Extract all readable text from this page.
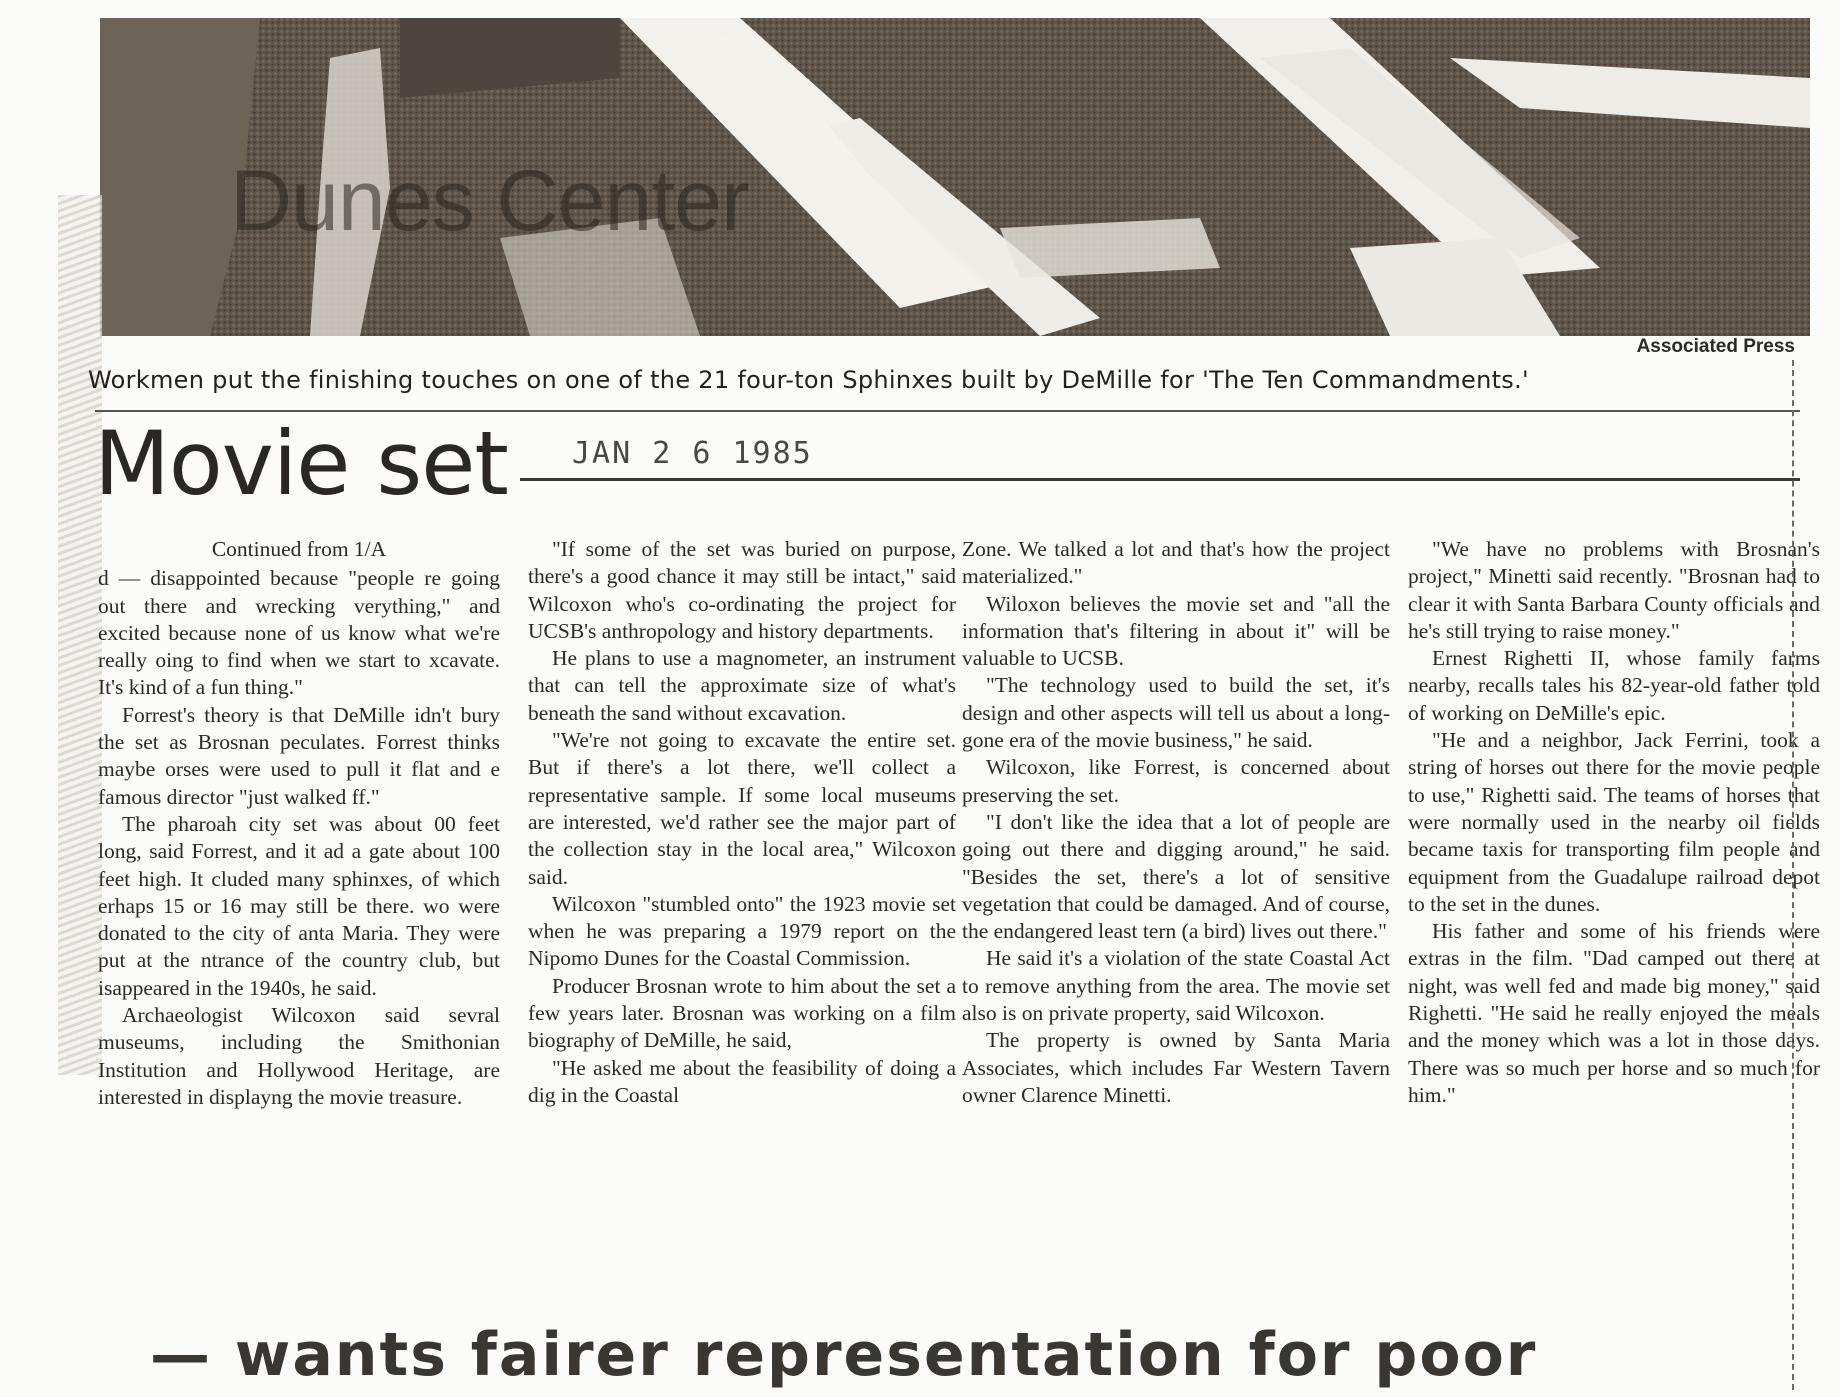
Dunes Center
Associated Press
Workmen put the finishing touches on one of the 21 four-ton Sphinxes built by DeMille for 'The Ten Commandments.'
Movie set JAN 2 6 1985

Continued from 1/A

d — disappointed because "people re going out there and wrecking verything," and excited because none of us know what we're really oing to find when we start to xcavate. It's kind of a fun thing."

Forrest's theory is that DeMille idn't bury the set as Brosnan peculates. Forrest thinks maybe orses were used to pull it flat and e famous director "just walked ff."

The pharoah city set was about 00 feet long, said Forrest, and it ad a gate about 100 feet high. It cluded many sphinxes, of which erhaps 15 or 16 may still be there. wo were donated to the city of anta Maria. They were put at the ntrance of the country club, but isappeared in the 1940s, he said.

Archaeologist Wilcoxon said sevral museums, including the Smithonian Institution and Hollywood Heritage, are interested in displayng the movie treasure.

"If some of the set was buried on purpose, there's a good chance it may still be intact," said Wilcoxon who's co-ordinating the project for UCSB's anthropology and history departments.

He plans to use a magnometer, an instrument that can tell the approximate size of what's beneath the sand without excavation.

"We're not going to excavate the entire set. But if there's a lot there, we'll collect a representative sample. If some local museums are interested, we'd rather see the major part of the collection stay in the local area," Wilcoxon said.

Wilcoxon "stumbled onto" the 1923 movie set when he was preparing a 1979 report on the Nipomo Dunes for the Coastal Commission.

Producer Brosnan wrote to him about the set a few years later. Brosnan was working on a film biography of DeMille, he said,

"He asked me about the feasibility of doing a dig in the Coastal

Zone. We talked a lot and that's how the project materialized."

Wiloxon believes the movie set and "all the information that's filtering in about it" will be valuable to UCSB.

"The technology used to build the set, it's design and other aspects will tell us about a long-gone era of the movie business," he said.

Wilcoxon, like Forrest, is concerned about preserving the set.

"I don't like the idea that a lot of people are going out there and digging around," he said. "Besides the set, there's a lot of sensitive vegetation that could be damaged. And of course, the endangered least tern (a bird) lives out there."

He said it's a violation of the state Coastal Act to remove anything from the area. The movie set also is on private property, said Wilcoxon.

The property is owned by Santa Maria Associates, which includes Far Western Tavern owner Clarence Minetti.

"We have no problems with Brosnan's project," Minetti said recently. "Brosnan had to clear it with Santa Barbara County officials and he's still trying to raise money."

Ernest Righetti II, whose family farms nearby, recalls tales his 82-year-old father told of working on DeMille's epic.

"He and a neighbor, Jack Ferrini, took a string of horses out there for the movie people to use," Righetti said. The teams of horses that were normally used in the nearby oil fields became taxis for transporting film people and equipment from the Guadalupe railroad depot to the set in the dunes.

His father and some of his friends were extras in the film. "Dad camped out there at night, was well fed and made big money," said Righetti. "He said he really enjoyed the meals and the money which was a lot in those days. There was so much per horse and so much for him."

— wants fairer representation for poor
